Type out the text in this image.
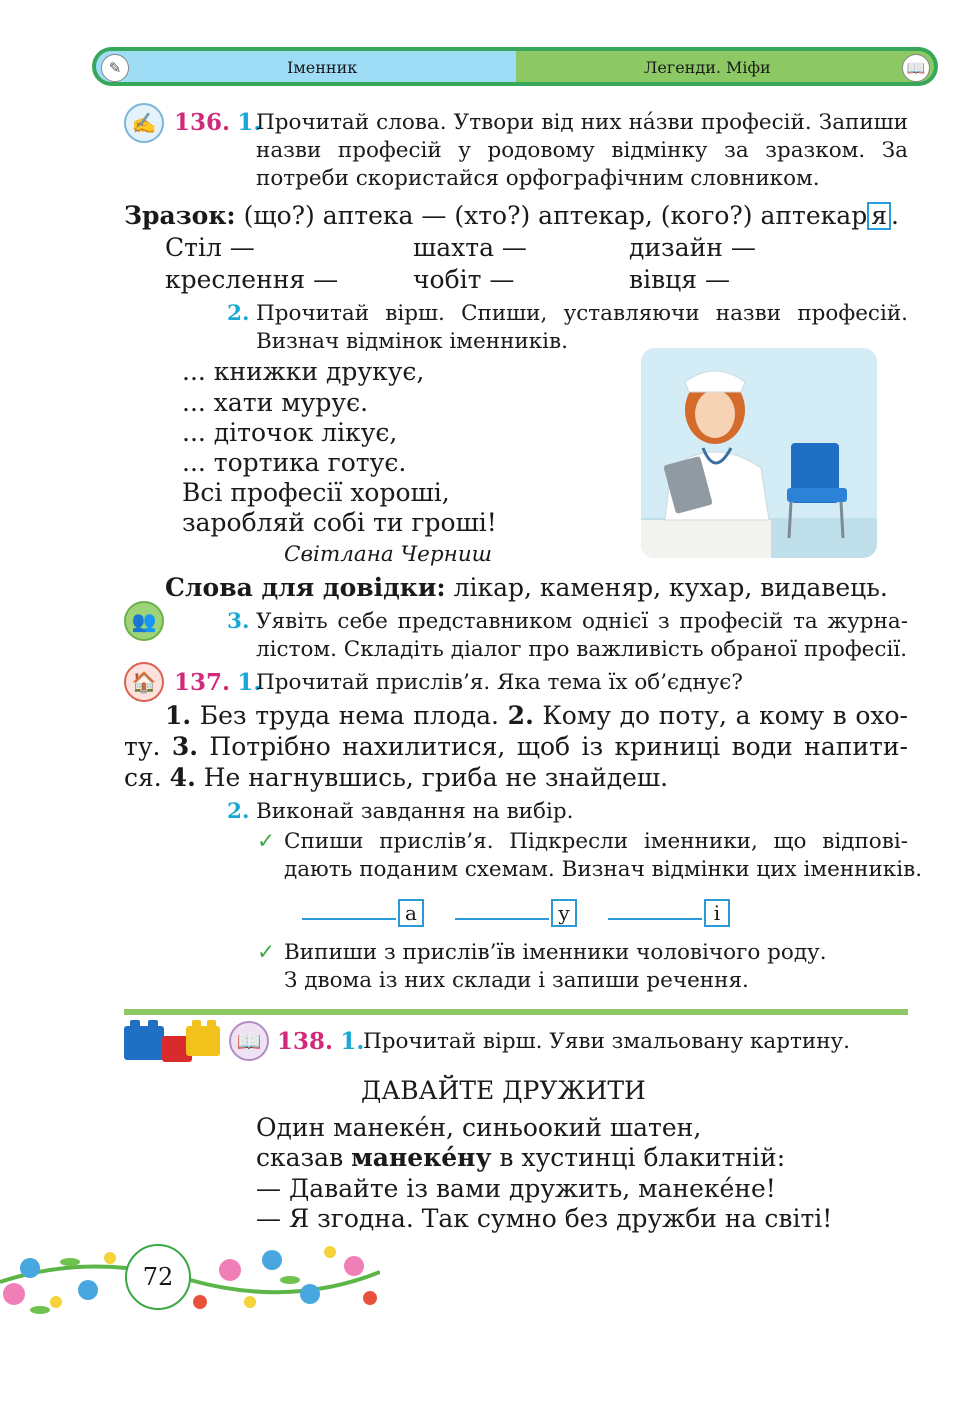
✎	Іменник	Легенди. Міфи	📖
✍ 136. 1.
Прочитай слова. Утвори від них на́зви професій. Запиши
назви професій у родовому відмінку за зразком. За
потреби скористайся орфографічним словником.
Зразок: (що?) аптека — (хто?) аптекар, (кого?) аптекар я .
Стіл —	шахта —	дизайн —
креслення —	чобіт —	вівця —
2. Прочитай вірш. Спиши, уставляючи назви професій.
Визнач відмінок іменників.
... книжки друкує,
... хати мурує.
... діточок лікує,
... тортика готує.
Всі професії хороші,
заробляй собі ти гроші!
Світлана Черниш
Слова для довідки: лікар, каменяр, кухар, видавець.
👥	3. Уявіть себе представником однієї з професій та журна-
лістом. Складіть діалог про важливість обраної професії.
🏠 137. 1.
Прочитай прислів’я. Яка тема їх об’єднує?
1. Без труда нема плода. 2. Кому до поту, а кому в охо-
ту. 3. Потрібно нахилитися, щоб із криниці води напити-
ся. 4. Не нагнувшись, гриба не знайдеш.
2. Виконай завдання на вибір.
✓ Спиши прислів’я. Підкресли іменники, що відпові-
дають поданим схемам. Визнач відмінки цих іменників.
а	у	і
✓ Випиши з прислів’їв іменники чоловічого роду.
З двома із них склади і запиши речення.
📖 138. 1.
Прочитай вірш. Уяви змальовану картину.
ДАВАЙТЕ ДРУЖИТИ
Один манеке́н, синьоокий шатен,
сказав манеке́ну в хустинці блакитній:
— Давайте із вами дружить, манеке́не!
— Я згодна. Так сумно без дружби на світі!
72
